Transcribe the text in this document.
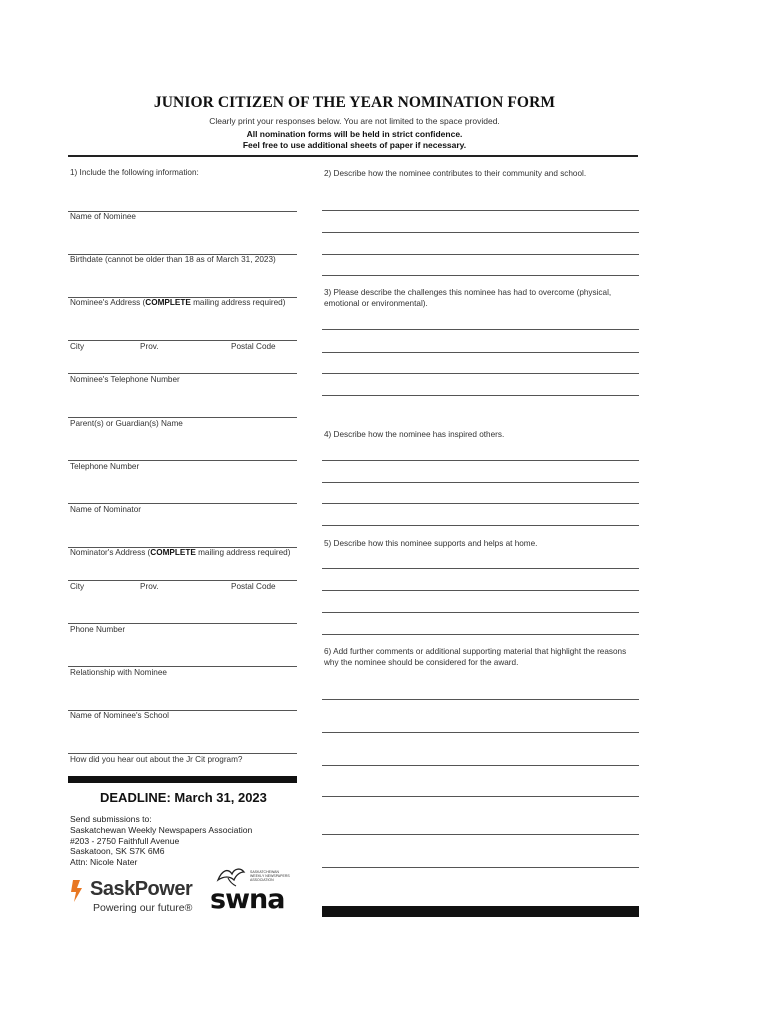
JUNIOR CITIZEN OF THE YEAR NOMINATION FORM
Clearly print your responses below. You are not limited to the space provided.
All nomination forms will be held in strict confidence.
Feel free to use additional sheets of paper if necessary.
1) Include the following information:
Name of Nominee
Birthdate (cannot be older than 18 as of March 31, 2023)
Nominee's Address (COMPLETE mailing address required)
City	Prov.	Postal Code
Nominee's Telephone Number
Parent(s) or Guardian(s) Name
Telephone Number
Name of Nominator
Nominator's Address (COMPLETE mailing address required)
City	Prov.	Postal Code
Phone Number
Relationship with Nominee
Name of Nominee's School
How did you hear out about the Jr Cit program?
DEADLINE: March 31, 2023
Send submissions to:
Saskatchewan Weekly Newspapers Association
#203 - 2750 Faithfull Avenue
Saskatoon, SK S7K 6M6
Attn: Nicole Nater
SaskPower
Powering our future®
SASKATCHEWAN WEEKLY NEWSPAPERS ASSOCIATION
swna
2) Describe how the nominee contributes to their community and school.
3) Please describe the challenges this nominee has had to overcome (physical, emotional or environmental).
4) Describe how the nominee has inspired others.
5) Describe how this nominee supports and helps at home.
6) Add further comments or additional supporting material that highlight the reasons why the nominee should be considered for the award.
